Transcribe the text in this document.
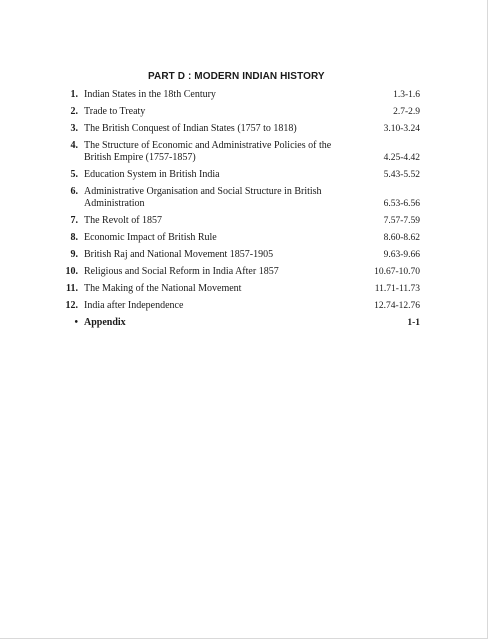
PART D : MODERN INDIAN HISTORY
1. Indian States in the 18th Century	1.3-1.6
2. Trade to Treaty	2.7-2.9
3. The British Conquest of Indian States (1757 to 1818)	3.10-3.24
4. The Structure of Economic and Administrative Policies of the British Empire (1757-1857)	4.25-4.42
5. Education System in British India	5.43-5.52
6. Administrative Organisation and Social Structure in British Administration	6.53-6.56
7. The Revolt of 1857	7.57-7.59
8. Economic Impact of British Rule	8.60-8.62
9. British Raj and National Movement 1857-1905	9.63-9.66
10. Religious and Social Reform in India After 1857	10.67-10.70
11. The Making of the National Movement	11.71-11.73
12. India after Independence	12.74-12.76
• Appendix	1-1
